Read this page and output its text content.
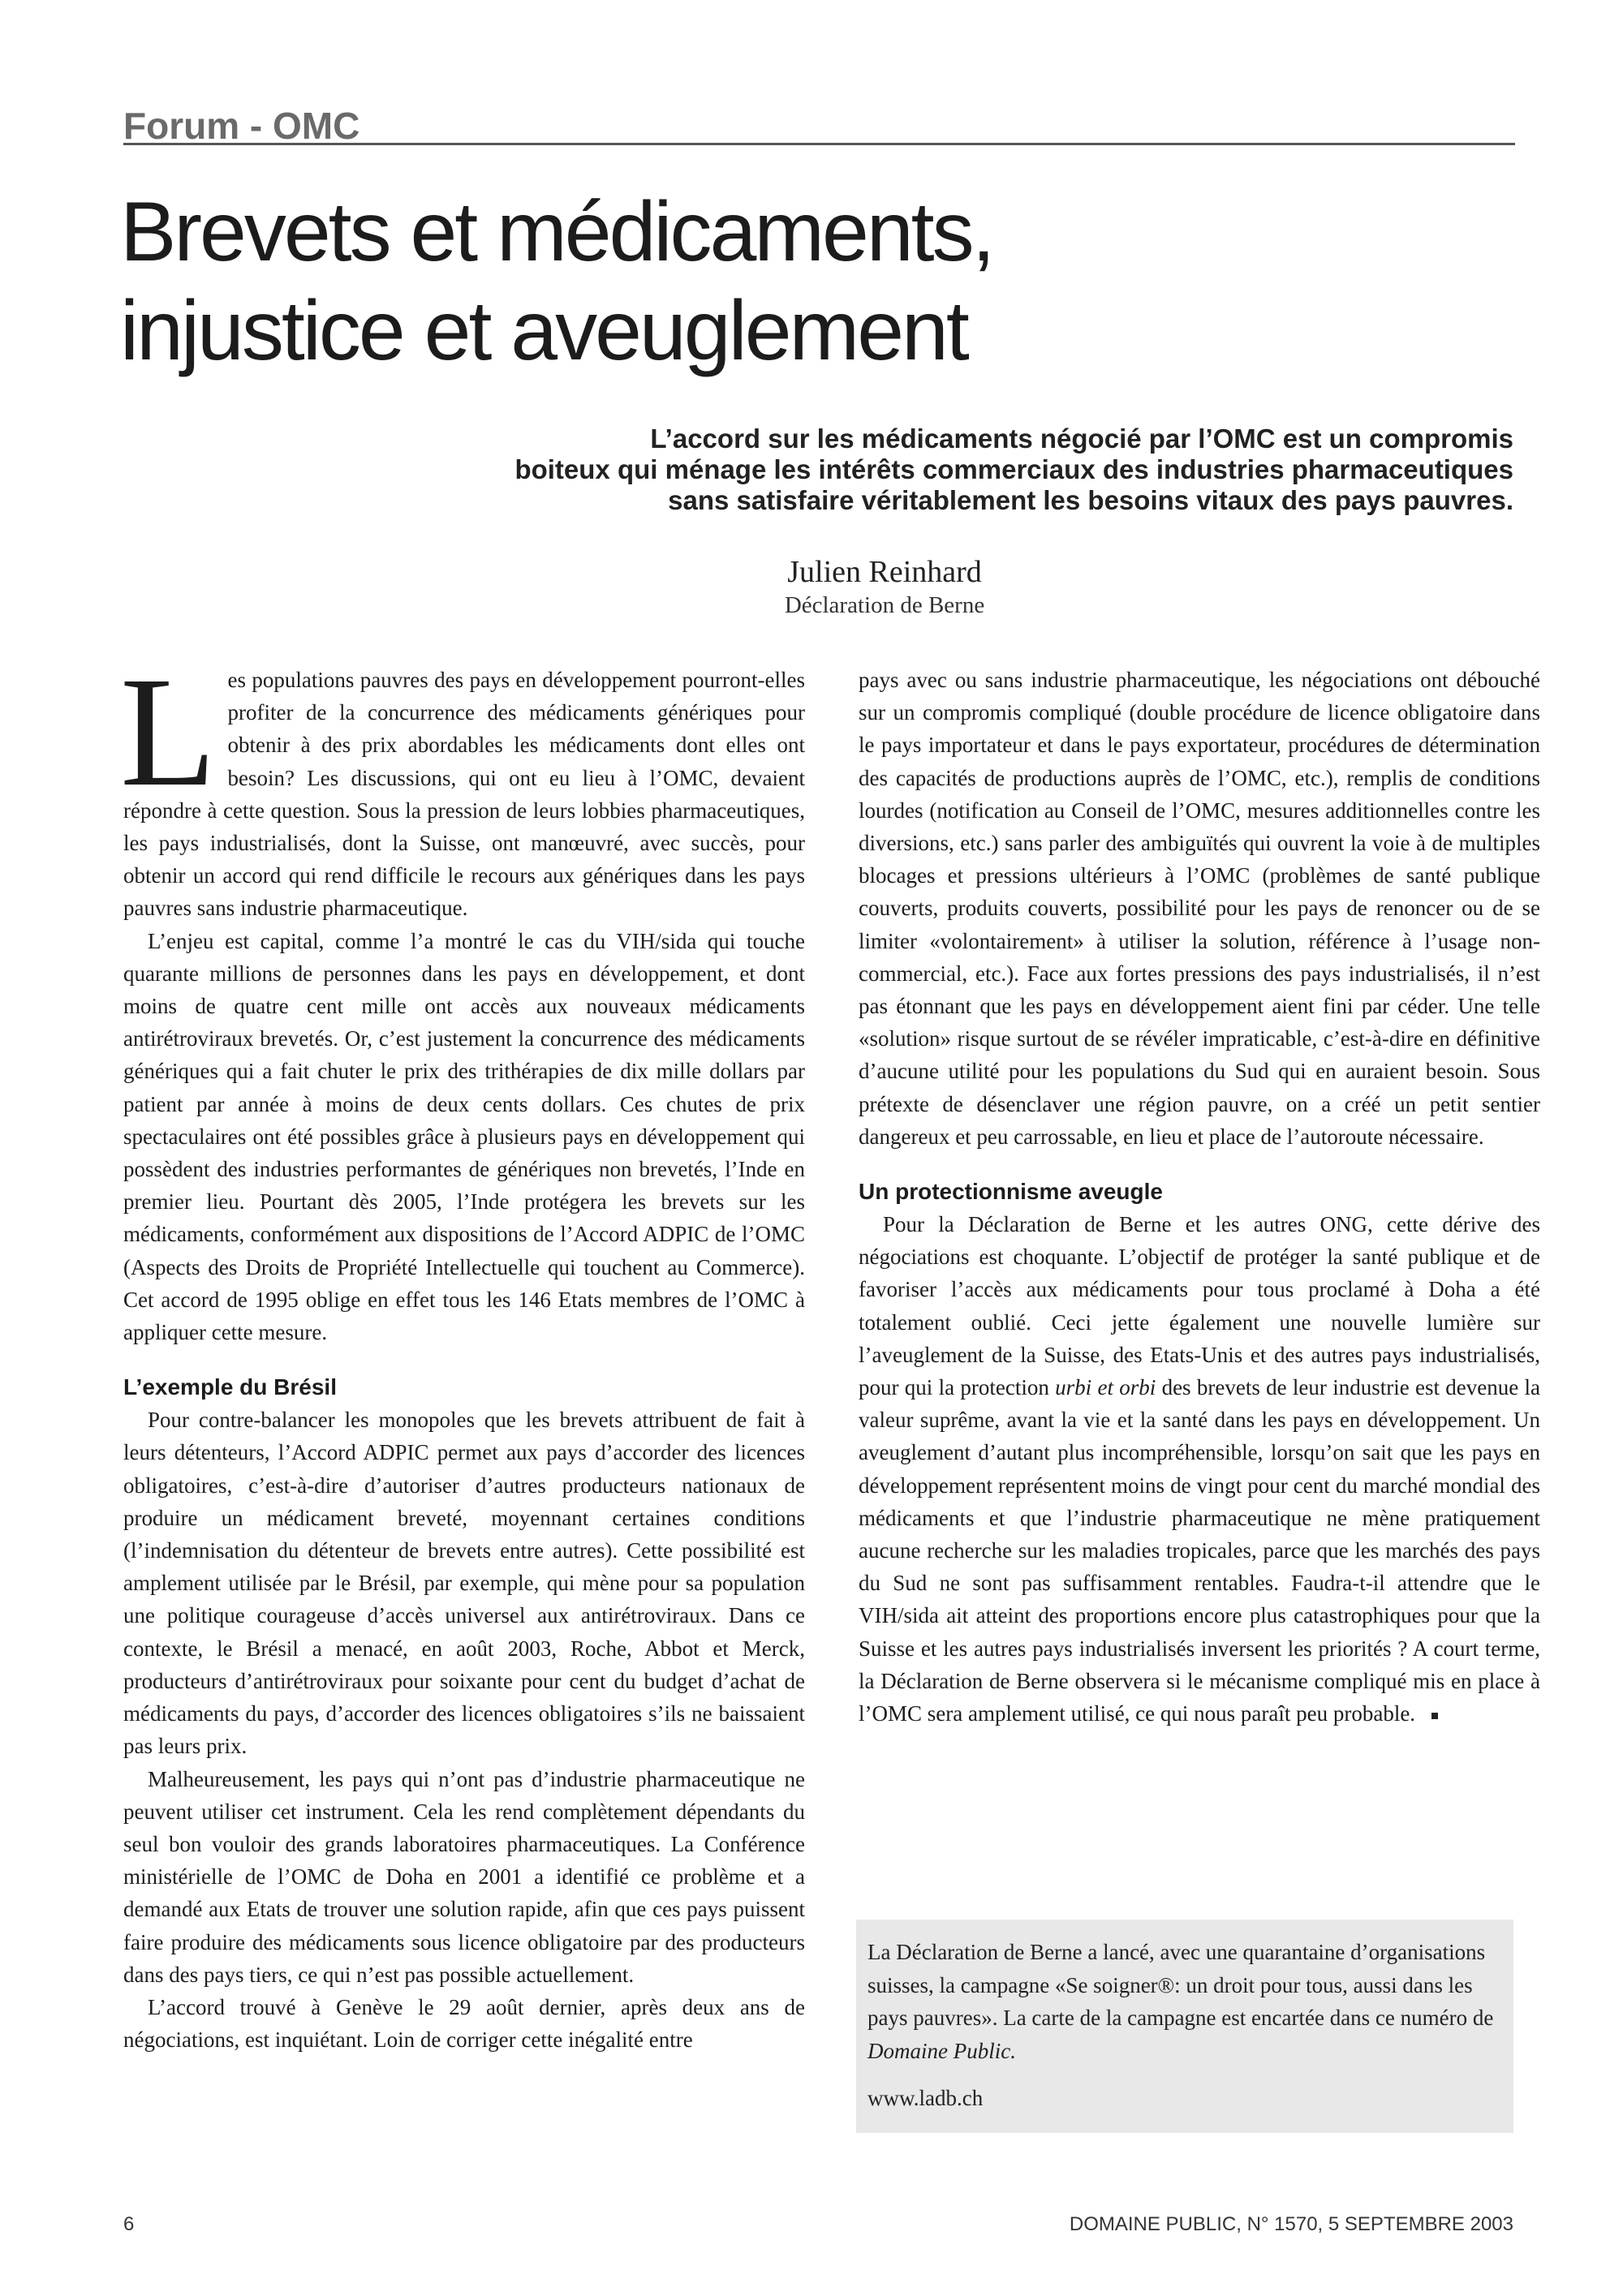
Forum - OMC
Brevets et médicaments,
injustice et aveuglement

L’accord sur les médicaments négocié par l’OMC est un compromis
boiteux qui ménage les intérêts commerciaux des industries pharmaceutiques
sans satisfaire véritablement les besoins vitaux des pays pauvres.

Julien Reinhard
Déclaration de Berne

Les populations pauvres des pays en développement pourront-elles profiter de la concurrence des médicaments génériques pour obtenir à des prix abordables les médicaments dont elles ont besoin? Les discussions, qui ont eu lieu à l’OMC, devaient répondre à cette question. Sous la pression de leurs lobbies pharmaceutiques, les pays industrialisés, dont la Suisse, ont manœuvré, avec succès, pour obtenir un accord qui rend difficile le recours aux génériques dans les pays pauvres sans industrie pharmaceutique.

L’enjeu est capital, comme l’a montré le cas du VIH/sida qui touche quarante millions de personnes dans les pays en développement, et dont moins de quatre cent mille ont accès aux nouveaux médicaments antirétroviraux brevetés. Or, c’est justement la concurrence des médicaments génériques qui a fait chuter le prix des trithérapies de dix mille dollars par patient par année à moins de deux cents dollars. Ces chutes de prix spectaculaires ont été possibles grâce à plusieurs pays en développement qui possèdent des industries performantes de génériques non brevetés, l’Inde en premier lieu. Pourtant dès 2005, l’Inde protégera les brevets sur les médicaments, conformément aux dispositions de l’Accord ADPIC de l’OMC (Aspects des Droits de Propriété Intellectuelle qui touchent au Commerce). Cet accord de 1995 oblige en effet tous les 146 Etats membres de l’OMC à appliquer cette mesure.

L’exemple du Brésil

Pour contre-balancer les monopoles que les brevets attribuent de fait à leurs détenteurs, l’Accord ADPIC permet aux pays d’accorder des licences obligatoires, c’est-à-dire d’autoriser d’autres producteurs nationaux de produire un médicament breveté, moyennant certaines conditions (l’indemnisation du détenteur de brevets entre autres). Cette possibilité est amplement utilisée par le Brésil, par exemple, qui mène pour sa population une politique courageuse d’accès universel aux antirétroviraux. Dans ce contexte, le Brésil a menacé, en août 2003, Roche, Abbot et Merck, producteurs d’antirétroviraux pour soixante pour cent du budget d’achat de médicaments du pays, d’accorder des licences obligatoires s’ils ne baissaient pas leurs prix.

Malheureusement, les pays qui n’ont pas d’industrie pharmaceutique ne peuvent utiliser cet instrument. Cela les rend complètement dépendants du seul bon vouloir des grands laboratoires pharmaceutiques. La Conférence ministérielle de l’OMC de Doha en 2001 a identifié ce problème et a demandé aux Etats de trouver une solution rapide, afin que ces pays puissent faire produire des médicaments sous licence obligatoire par des producteurs dans des pays tiers, ce qui n’est pas possible actuellement.

L’accord trouvé à Genève le 29 août dernier, après deux ans de négociations, est inquiétant. Loin de corriger cette inégalité entre

pays avec ou sans industrie pharmaceutique, les négociations ont débouché sur un compromis compliqué (double procédure de licence obligatoire dans le pays importateur et dans le pays exportateur, procédures de détermination des capacités de productions auprès de l’OMC, etc.), remplis de conditions lourdes (notification au Conseil de l’OMC, mesures additionnelles contre les diversions, etc.) sans parler des ambiguïtés qui ouvrent la voie à de multiples blocages et pressions ultérieurs à l’OMC (problèmes de santé publique couverts, produits couverts, possibilité pour les pays de renoncer ou de se limiter «volontairement» à utiliser la solution, référence à l’usage non-commercial, etc.). Face aux fortes pressions des pays industrialisés, il n’est pas étonnant que les pays en développement aient fini par céder. Une telle «solution» risque surtout de se révéler impraticable, c’est-à-dire en définitive d’aucune utilité pour les populations du Sud qui en auraient besoin. Sous prétexte de désenclaver une région pauvre, on a créé un petit sentier dangereux et peu carrossable, en lieu et place de l’autoroute nécessaire.

Un protectionnisme aveugle

Pour la Déclaration de Berne et les autres ONG, cette dérive des négociations est choquante. L’objectif de protéger la santé publique et de favoriser l’accès aux médicaments pour tous proclamé à Doha a été totalement oublié. Ceci jette également une nouvelle lumière sur l’aveuglement de la Suisse, des Etats-Unis et des autres pays industrialisés, pour qui la protection urbi et orbi des brevets de leur industrie est devenue la valeur suprême, avant la vie et la santé dans les pays en développement. Un aveuglement d’autant plus incompréhensible, lorsqu’on sait que les pays en développement représentent moins de vingt pour cent du marché mondial des médicaments et que l’industrie pharmaceutique ne mène pratiquement aucune recherche sur les maladies tropicales, parce que les marchés des pays du Sud ne sont pas suffisamment rentables. Faudra-t-il attendre que le VIH/sida ait atteint des proportions encore plus catastrophiques pour que la Suisse et les autres pays industrialisés inversent les priorités ? A court terme, la Déclaration de Berne observera si le mécanisme compliqué mis en place à l’OMC sera amplement utilisé, ce qui nous paraît peu probable.

La Déclaration de Berne a lancé, avec une quarantaine d’organisations suisses, la campagne «Se soigner®: un droit pour tous, aussi dans les pays pauvres». La carte de la campagne est encartée dans ce numéro de Domaine Public.

www.ladb.ch

6	DOMAINE PUBLIC, N° 1570, 5 SEPTEMBRE 2003
